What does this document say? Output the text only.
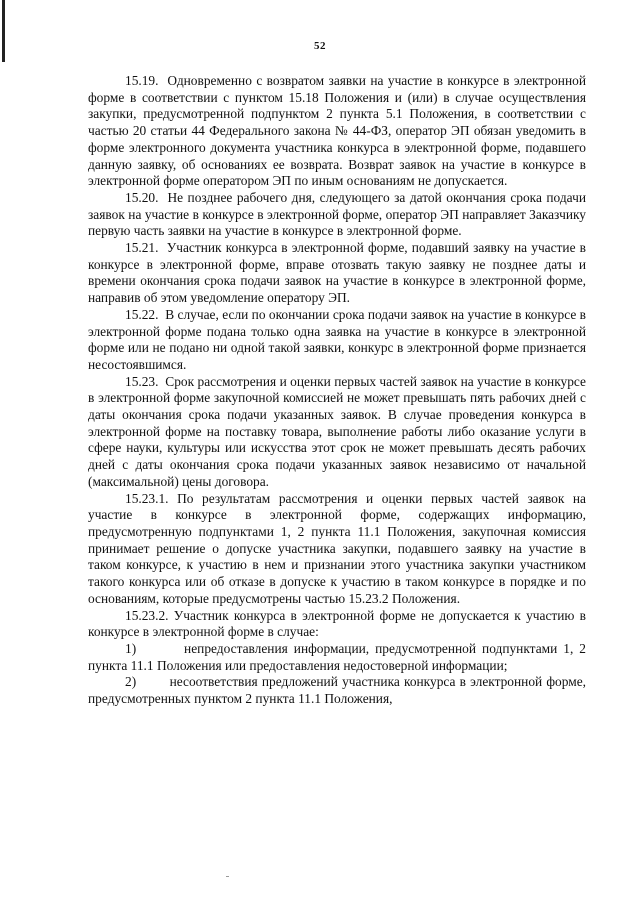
52

15.19.  Одновременно с возвратом заявки на участие в конкурсе в электронной форме в соответствии с пунктом 15.18 Положения и (или) в случае осуществления закупки, предусмотренной подпунктом 2 пункта 5.1 Положения, в соответствии с частью 20 статьи 44 Федерального закона № 44-ФЗ, оператор ЭП обязан уведомить в форме электронного документа участника конкурса в электронной форме, подавшего данную заявку, об основаниях ее возврата. Возврат заявок на участие в конкурсе в электронной форме оператором ЭП по иным основаниям не допускается.

15.20.  Не позднее рабочего дня, следующего за датой окончания срока подачи заявок на участие в конкурсе в электронной форме, оператор ЭП направляет Заказчику первую часть заявки на участие в конкурсе в электронной форме.

15.21.  Участник конкурса в электронной форме, подавший заявку на участие в конкурсе в электронной форме, вправе отозвать такую заявку не позднее даты и времени окончания срока подачи заявок на участие в конкурсе в электронной форме, направив об этом уведомление оператору ЭП.

15.22.  В случае, если по окончании срока подачи заявок на участие в конкурсе в электронной форме подана только одна заявка на участие в конкурсе в электронной форме или не подано ни одной такой заявки, конкурс в электронной форме признается несостоявшимся.

15.23.  Срок рассмотрения и оценки первых частей заявок на участие в конкурсе в электронной форме закупочной комиссией не может превышать пять рабочих дней с даты окончания срока подачи указанных заявок. В случае проведения конкурса в электронной форме на поставку товара, выполнение работы либо оказание услуги в сфере науки, культуры или искусства этот срок не может превышать десять рабочих дней с даты окончания срока подачи указанных заявок независимо от начальной (максимальной) цены договора.

15.23.1. По результатам рассмотрения и оценки первых частей заявок на участие в конкурсе в электронной форме, содержащих информацию, предусмотренную подпунктами 1, 2 пункта 11.1 Положения, закупочная комиссия принимает решение о допуске участника закупки, подавшего заявку на участие в таком конкурсе, к участию в нем и признании этого участника закупки участником такого конкурса или об отказе в допуске к участию в таком конкурсе в порядке и по основаниям, которые предусмотрены частью 15.23.2 Положения.

15.23.2. Участник конкурса в электронной форме не допускается к участию в конкурсе в электронной форме в случае:

1)        непредоставления информации, предусмотренной подпунктами 1, 2 пункта 11.1 Положения или предоставления недостоверной информации;

2)        несоответствия предложений участника конкурса в электронной форме, предусмотренных пунктом 2 пункта 11.1 Положения,
